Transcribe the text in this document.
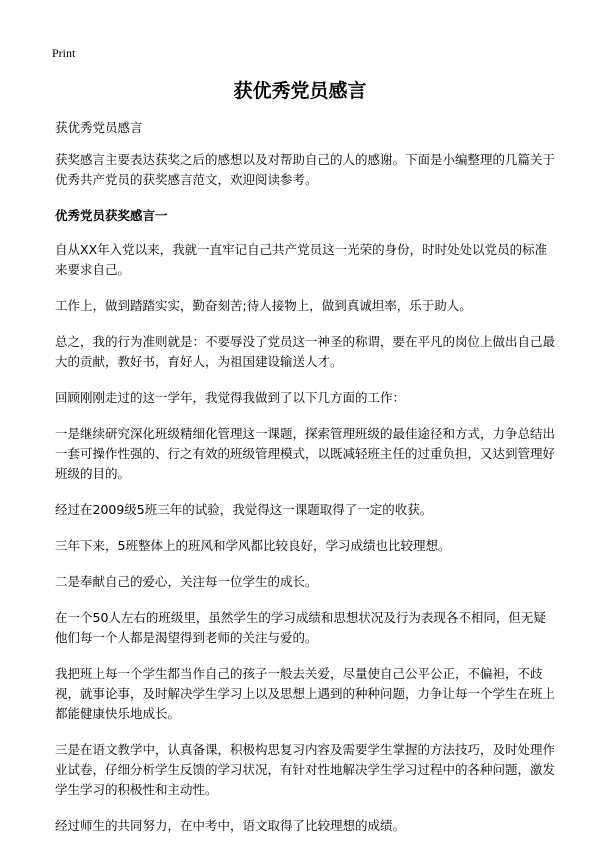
Print
获优秀党员感言

获优秀党员感言

获奖感言主要表达获奖之后的感想以及对帮助自己的人的感谢。下面是小编整理的几篇关于优秀共产党员的获奖感言范文，欢迎阅读参考。

优秀党员获奖感言一

自从XX年入党以来，我就一直牢记自己共产党员这一光荣的身份，时时处处以党员的标准来要求自己。

工作上，做到踏踏实实，勤奋刻苦;待人接物上，做到真诚坦率，乐于助人。

总之，我的行为准则就是：不要辱没了党员这一神圣的称谓，要在平凡的岗位上做出自己最大的贡献，教好书，育好人，为祖国建设输送人才。

回顾刚刚走过的这一学年，我觉得我做到了以下几方面的工作：

一是继续研究深化班级精细化管理这一课题，探索管理班级的最佳途径和方式，力争总结出一套可操作性强的、行之有效的班级管理模式，以既减轻班主任的过重负担，又达到管理好班级的目的。

经过在2009级5班三年的试验，我觉得这一课题取得了一定的收获。

三年下来，5班整体上的班风和学风都比较良好，学习成绩也比较理想。

二是奉献自己的爱心，关注每一位学生的成长。

在一个50人左右的班级里，虽然学生的学习成绩和思想状况及行为表现各不相同，但无疑他们每一个人都是渴望得到老师的关注与爱的。

我把班上每一个学生都当作自己的孩子一般去关爱，尽量使自己公平公正，不偏袒，不歧视，就事论事，及时解决学生学习上以及思想上遇到的种种问题，力争让每一个学生在班上都能健康快乐地成长。

三是在语文教学中，认真备课，积极构思复习内容及需要学生掌握的方法技巧，及时处理作业试卷，仔细分析学生反馈的学习状况，有针对性地解决学生学习过程中的各种问题，激发学生学习的积极性和主动性。

经过师生的共同努力，在中考中，语文取得了比较理想的成绩。
